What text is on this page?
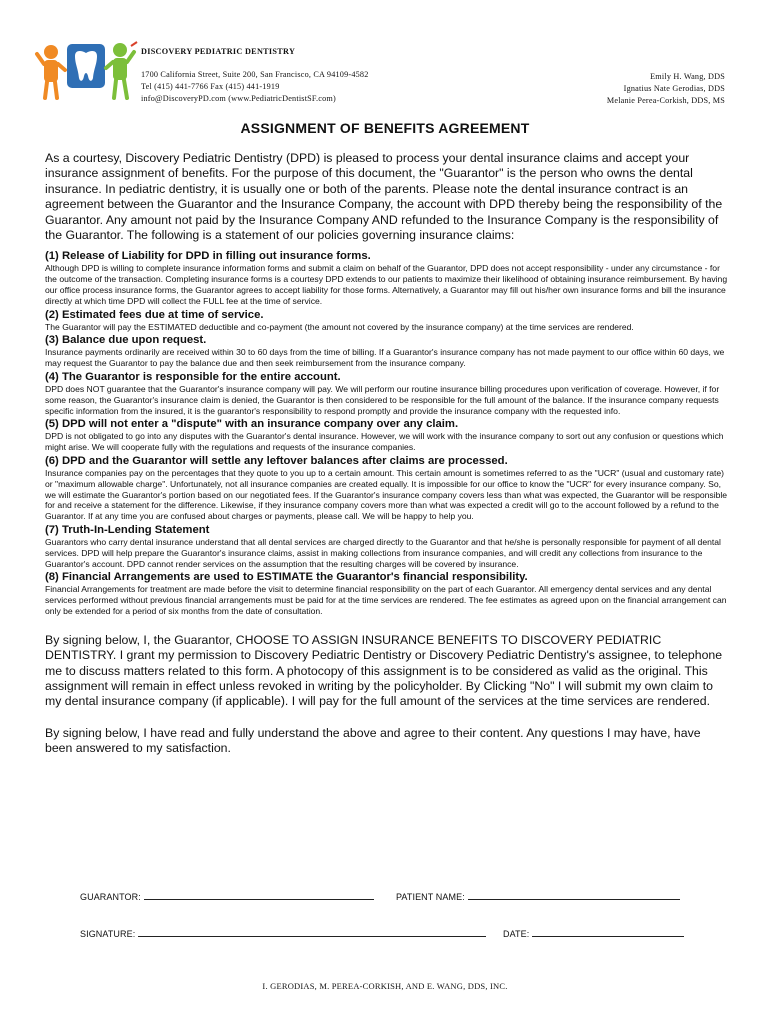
DISCOVERY PEDIATRIC DENTISTRY
1700 California Street, Suite 200, San Francisco, CA 94109-4582
Tel (415) 441-7766 Fax (415) 441-1919
info@DiscoveryPD.com (www.PediatricDentistSF.com)
Emily H. Wang, DDS
Ignatius Nate Gerodias, DDS
Melanie Perea-Corkish, DDS, MS
ASSIGNMENT OF BENEFITS AGREEMENT

As a courtesy, Discovery Pediatric Dentistry (DPD) is pleased to process your dental insurance claims and accept your insurance assignment of benefits. For the purpose of this document, the "Guarantor" is the person who owns the dental insurance. In pediatric dentistry, it is usually one or both of the parents. Please note the dental insurance contract is an agreement between the Guarantor and the Insurance Company, the account with DPD thereby being the responsibility of the Guarantor. Any amount not paid by the Insurance Company AND refunded to the Insurance Company is the responsibility of the Guarantor. The following is a statement of our policies governing insurance claims:

(1) Release of Liability for DPD in filling out insurance forms.

Although DPD is willing to complete insurance information forms and submit a claim on behalf of the Guarantor, DPD does not accept responsibility - under any circumstance - for the outcome of the transaction. Completing insurance forms is a courtesy DPD extends to our patients to maximize their likelihood of obtaining insurance reimbursement. By having our office process insurance forms, the Guarantor agrees to accept liability for those forms. Alternatively, a Guarantor may fill out his/her own insurance forms and bill the insurance directly at which time DPD will collect the FULL fee at the time of service.

(2) Estimated fees due at time of service.

The Guarantor will pay the ESTIMATED deductible and co-payment (the amount not covered by the insurance company) at the time services are rendered.

(3) Balance due upon request.

Insurance payments ordinarily are received within 30 to 60 days from the time of billing. If a Guarantor's insurance company has not made payment to our office within 60 days, we may request the Guarantor to pay the balance due and then seek reimbursement from the insurance company.

(4) The Guarantor is responsible for the entire account.

DPD does NOT guarantee that the Guarantor's insurance company will pay. We will perform our routine insurance billing procedures upon verification of coverage. However, if for some reason, the Guarantor's insurance claim is denied, the Guarantor is then considered to be responsible for the full amount of the balance. If the insurance company requests specific information from the insured, it is the guarantor's responsibility to respond promptly and provide the insurance company with the requested info.

(5) DPD will not enter a "dispute" with an insurance company over any claim.

DPD is not obligated to go into any disputes with the Guarantor's dental insurance. However, we will work with the insurance company to sort out any confusion or questions which might arise. We will cooperate fully with the regulations and requests of the insurance companies.

(6) DPD and the Guarantor will settle any leftover balances after claims are processed.

Insurance companies pay on the percentages that they quote to you up to a certain amount. This certain amount is sometimes referred to as the "UCR" (usual and customary rate) or "maximum allowable charge". Unfortunately, not all insurance companies are created equally. It is impossible for our office to know the "UCR" for every insurance company. So, we will estimate the Guarantor's portion based on our negotiated fees. If the Guarantor's insurance company covers less than what was expected, the Guarantor will be responsible for and receive a statement for the difference. Likewise, if they insurance company covers more than what was expected a credit will go to the account followed by a refund to the Guarantor. If at any time you are confused about charges or payments, please call. We will be happy to help you.

(7) Truth-In-Lending Statement

Guarantors who carry dental insurance understand that all dental services are charged directly to the Guarantor and that he/she is personally responsible for payment of all dental services. DPD will help prepare the Guarantor's insurance claims, assist in making collections from insurance companies, and will credit any collections from insurance to the Guarantor's account. DPD cannot render services on the assumption that the resulting charges will be covered by insurance.

(8) Financial Arrangements are used to ESTIMATE the Guarantor's financial responsibility.

Financial Arrangements for treatment are made before the visit to determine financial responsibility on the part of each Guarantor. All emergency dental services and any dental services performed without previous financial arrangements must be paid for at the time services are rendered. The fee estimates as agreed upon on the financial arrangement can only be extended for a period of six months from the date of consultation.

By signing below, I, the Guarantor, CHOOSE TO ASSIGN INSURANCE BENEFITS TO DISCOVERY PEDIATRIC DENTISTRY. I grant my permission to Discovery Pediatric Dentistry or Discovery Pediatric Dentistry's assignee, to telephone me to discuss matters related to this form. A photocopy of this assignment is to be considered as valid as the original. This assignment will remain in effect unless revoked in writing by the policyholder. By Clicking "No" I will submit my own claim to my dental insurance company (if applicable). I will pay for the full amount of the services at the time services are rendered.

By signing below, I have read and fully understand the above and agree to their content. Any questions I may have, have been answered to my satisfaction.

GUARANTOR:	PATIENT NAME:
SIGNATURE:	DATE:
I. GERODIAS, M. PEREA-CORKISH, AND E. WANG, DDS, INC.
